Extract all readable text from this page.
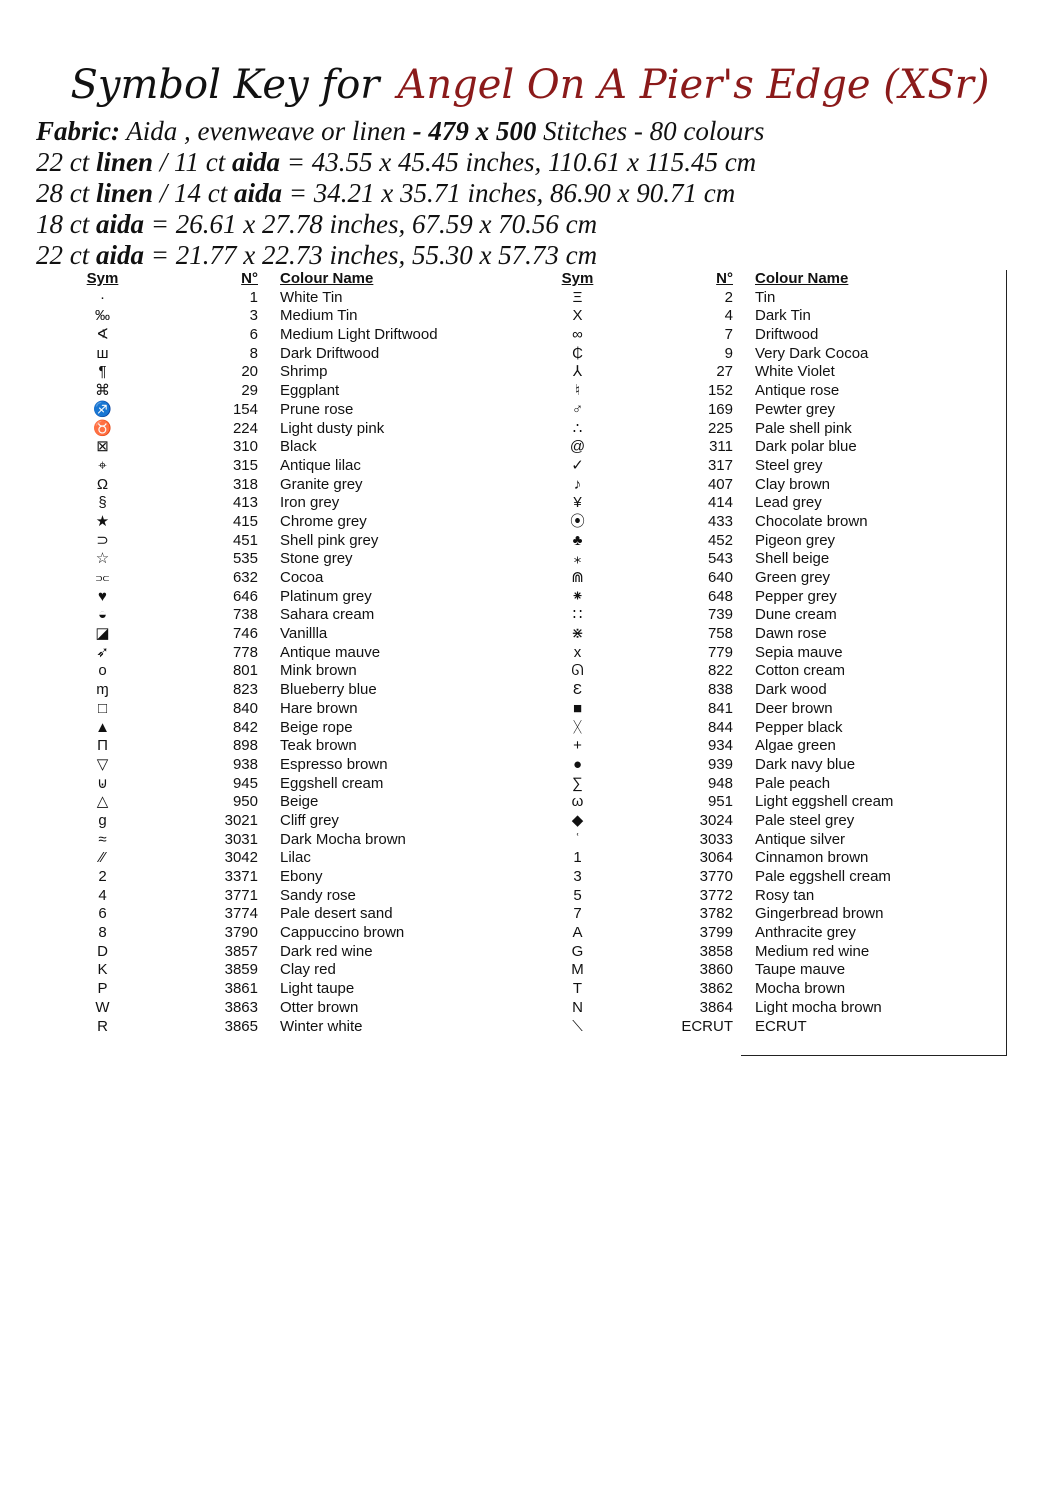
Symbol Key for Angel On A Pier's Edge (XSr)
Fabric: Aida , evenweave or linen - 479 x 500 Stitches - 80 colours
22 ct linen / 11 ct aida = 43.55 x 45.45 inches, 110.61 x 115.45 cm
28 ct linen / 14 ct aida = 34.21 x 35.71 inches, 86.90 x 90.71 cm
18 ct aida = 26.61 x 27.78 inches, 67.59 x 70.56 cm
22 ct aida = 21.77 x 22.73 inches, 55.30 x 57.73 cm
Sym	N° Colour Name
·	1 White Tin
‰	3 Medium Tin
∢	6 Medium Light Driftwood
ш	8 Dark Driftwood
¶	20 Shrimp
⌘	29 Eggplant
♐	154 Prune rose
♉	224 Light dusty pink
⊠	310 Black
⌖	315 Antique lilac
Ω	318 Granite grey
§	413 Iron grey
★	415 Chrome grey
⊃	451 Shell pink grey
☆	535 Stone grey
⫗	632 Cocoa
♥	646 Platinum grey
◒	738 Sahara cream
◪	746 Vanillla
➶	778 Antique mauve
o	801 Mink brown
ɱ	823 Blueberry blue
□	840 Hare brown
▲	842 Beige rope
Π	898 Teak brown
▽	938 Espresso brown
⊍	945 Eggshell cream
△	950 Beige
g	3021 Cliff grey
≈	3031 Dark Mocha brown
⁄⁄	3042 Lilac
2	3371 Ebony
4	3771 Sandy rose
6	3774 Pale desert sand
8	3790 Cappuccino brown
D	3857 Dark red wine
K	3859 Clay red
P	3861 Light taupe
W	3863 Otter brown
R	3865 Winter white
Sym	N° Colour Name
Ξ	2 Tin
X	4 Dark Tin
∞	7 Driftwood
₵	9 Very Dark Cocoa
⅄	27 White Violet
♮	152 Antique rose
♂	169 Pewter grey
∴	225 Pale shell pink
@	311 Dark polar blue
✓	317 Steel grey
♪	407 Clay brown
¥	414 Lead grey
⦿	433 Chocolate brown
♣	452 Pigeon grey
⁎	543 Shell beige
⋒	640 Green grey
⁕	648 Pepper grey
∷	739 Dune cream
⋇	758 Dawn rose
x	779 Sepia mauve
ᘏ	822 Cotton cream
Ɛ	838 Dark wood
■	841 Deer brown
ᚷ	844 Pepper black
+	934 Algae green
●	939 Dark navy blue
∑	948 Pale peach
ω	951 Light eggshell cream
◆	3024 Pale steel grey
ʿ	3033 Antique silver
1	3064 Cinnamon brown
3	3770 Pale eggshell cream
5	3772 Rosy tan
7	3782 Gingerbread brown
A	3799 Anthracite grey
G	3858 Medium red wine
M	3860 Taupe mauve
T	3862 Mocha brown
N	3864 Light mocha brown
⟍	ECRUT ECRUT
